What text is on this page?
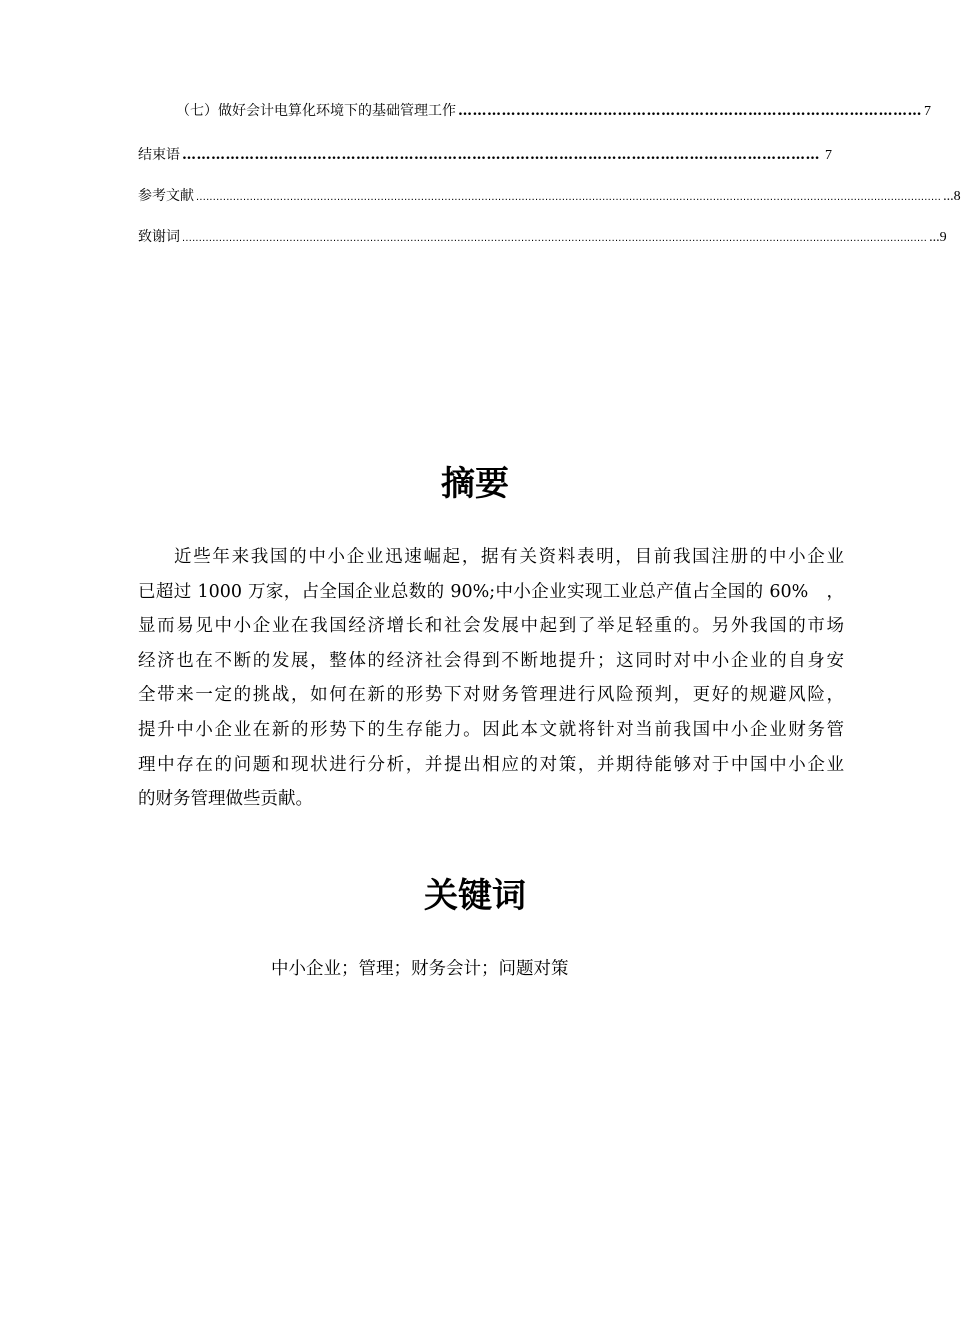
（七）做好会计电算化环境下的基础管理工作 …………………………………………………………………………………… 7
结束语 …………………………………………………………………………………………………………………… 7
参考文献 .............................................................................................................................................................................................................................. ...8
致谢词 .............................................................................................................................................................................................................................. ...9
摘要
近些年来我国的中小企业迅速崛起，据有关资料表明，目前我国注册的中小企业
已超过 1000 万家，占全国企业总数的 90%;中小企业实现工业总产值占全国的 60%　，
显而易见中小企业在我国经济增长和社会发展中起到了举足轻重的。另外我国的市场
经济也在不断的发展，整体的经济社会得到不断地提升；这同时对中小企业的自身安
全带来一定的挑战，如何在新的形势下对财务管理进行风险预判，更好的规避风险，
提升中小企业在新的形势下的生存能力。因此本文就将针对当前我国中小企业财务管
理中存在的问题和现状进行分析，并提出相应的对策，并期待能够对于中国中小企业
的财务管理做些贡献。
关键词
中小企业；管理；财务会计；问题对策
